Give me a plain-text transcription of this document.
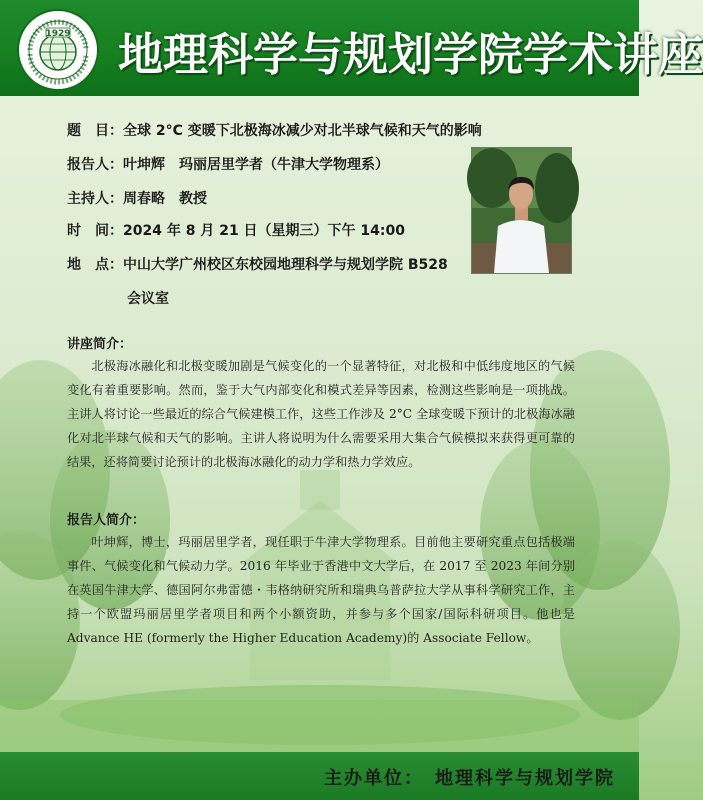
1929 地理科学与规划学院学术讲座
题　目：全球 2°C 变暖下北极海冰减少对北半球气候和天气的影响
报告人：叶坤辉　玛丽居里学者（牛津大学物理系）
主持人：周春略　教授
时　间：2024 年 8 月 21 日（星期三）下午 14:00
地　点：中山大学广州校区东校园地理科学与规划学院 B528
会议室
讲座简介：

北极海冰融化和北极变暖加剧是气候变化的一个显著特征，对北极和中低纬度地区的气候变化有着重要影响。然而，鉴于大气内部变化和模式差异等因素，检测这些影响是一项挑战。主讲人将讨论一些最近的综合气候建模工作，这些工作涉及 2°C 全球变暖下预计的北极海冰融化对北半球气候和天气的影响。主讲人将说明为什么需要采用大集合气候模拟来获得更可靠的结果，还将简要讨论预计的北极海冰融化的动力学和热力学效应。

报告人简介：

叶坤辉，博士，玛丽居里学者，现任职于牛津大学物理系。目前他主要研究重点包括极端事件、气候变化和气候动力学。2016 年毕业于香港中文大学后，在 2017 至 2023 年间分别在英国牛津大学、德国阿尔弗雷德・韦格纳研究所和瑞典乌普萨拉大学从事科学研究工作，主持一个欧盟玛丽居里学者项目和两个小额资助，并参与多个国家/国际科研项目。他也是 Advance HE (formerly the Higher Education Academy)的 Associate Fellow。

主办单位：　地理科学与规划学院
